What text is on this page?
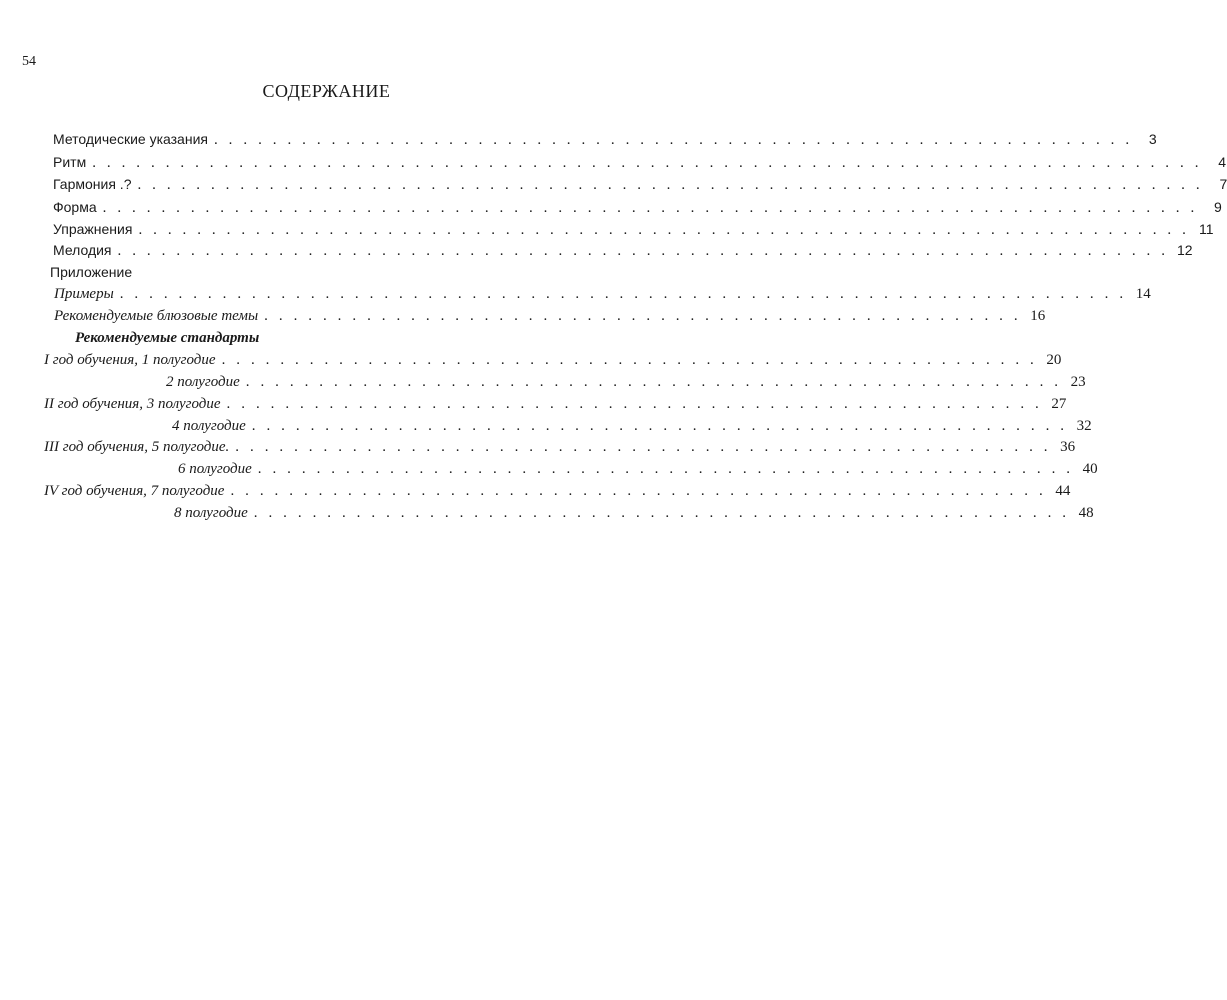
54
СОДЕРЖАНИЕ
Методические указания . . . . . . . . . . . . . . . . . . . . . . . . . . . . . . . . . . . . . . . . . . . . . . . . . . . . . . . . . . . . . . .	3
Ритм . . . . . . . . . . . . . . . . . . . . . . . . . . . . . . . . . . . . . . . . . . . . . . . . . . . . . . . . . . . . . . . . . . . . . . . . . . . .	4
Гармония .? . . . . . . . . . . . . . . . . . . . . . . . . . . . . . . . . . . . . . . . . . . . . . . . . . . . . . . . . . . . . . . . . . . . . . . . . .	7
Форма . . . . . . . . . . . . . . . . . . . . . . . . . . . . . . . . . . . . . . . . . . . . . . . . . . . . . . . . . . . . . . . . . . . . . . . . . . .	9
Упражнения . . . . . . . . . . . . . . . . . . . . . . . . . . . . . . . . . . . . . . . . . . . . . . . . . . . . . . . . . . . . . . . . . . . . . . . . 11
Мелодия . . . . . . . . . . . . . . . . . . . . . . . . . . . . . . . . . . . . . . . . . . . . . . . . . . . . . . . . . . . . . . . . . . . . . . . . 12
Приложение
Примеры . . . . . . . . . . . . . . . . . . . . . . . . . . . . . . . . . . . . . . . . . . . . . . . . . . . . . . . . . . . . . . . . . . . . . 14
Рекомендуемые блюзовые темы . . . . . . . . . . . . . . . . . . . . . . . . . . . . . . . . . . . . . . . . . . . . . . . . . . . . 16
Рекомендуемые стандарты
I год обучения, 1 полугодие . . . . . . . . . . . . . . . . . . . . . . . . . . . . . . . . . . . . . . . . . . . . . . . . . . . . . . . . 20
2 полугодие . . . . . . . . . . . . . . . . . . . . . . . . . . . . . . . . . . . . . . . . . . . . . . . . . . . . . . . . 23
II год обучения, 3 полугодие . . . . . . . . . . . . . . . . . . . . . . . . . . . . . . . . . . . . . . . . . . . . . . . . . . . . . . . . 27
4 полугодие . . . . . . . . . . . . . . . . . . . . . . . . . . . . . . . . . . . . . . . . . . . . . . . . . . . . . . . . 32
III год обучения, 5 полугодие. . . . . . . . . . . . . . . . . . . . . . . . . . . . . . . . . . . . . . . . . . . . . . . . . . . . . . . . . 36
6 полугодие . . . . . . . . . . . . . . . . . . . . . . . . . . . . . . . . . . . . . . . . . . . . . . . . . . . . . . . . 40
IV год обучения, 7 полугодие . . . . . . . . . . . . . . . . . . . . . . . . . . . . . . . . . . . . . . . . . . . . . . . . . . . . . . . . 44
8 полугодие . . . . . . . . . . . . . . . . . . . . . . . . . . . . . . . . . . . . . . . . . . . . . . . . . . . . . . . . 48
